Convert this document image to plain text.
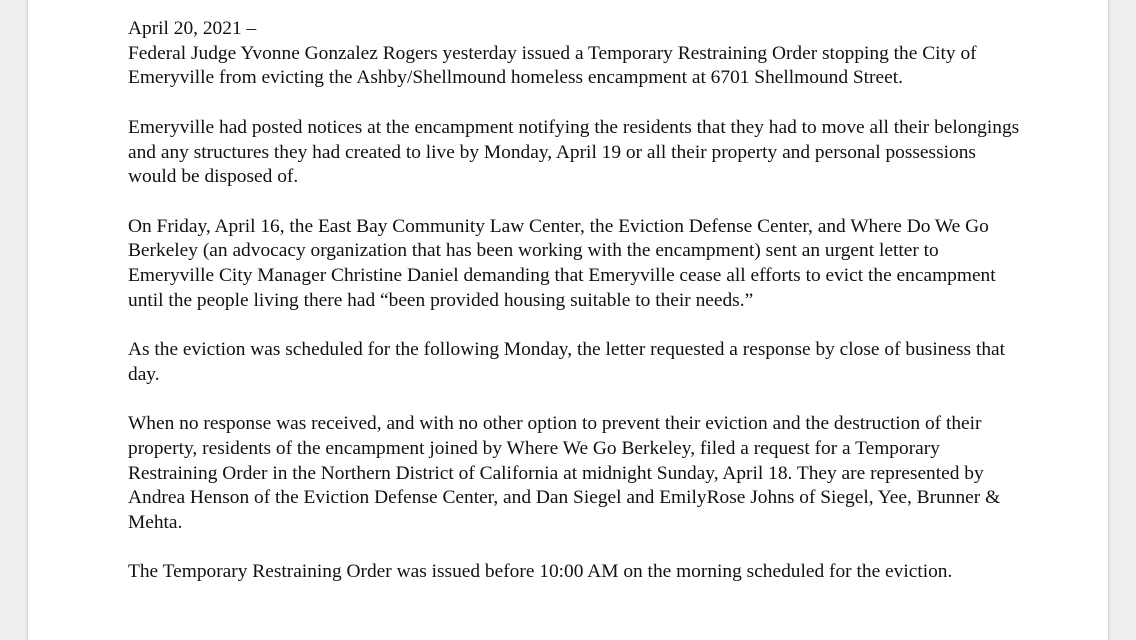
April 20, 2021 –

Federal Judge Yvonne Gonzalez Rogers yesterday issued a Temporary Restraining Order stopping the City of Emeryville from evicting the Ashby/Shellmound homeless encampment at 6701 Shellmound Street.

Emeryville had posted notices at the encampment notifying the residents that they had to move all their belongings and any structures they had created to live by Monday, April 19 or all their property and personal possessions would be disposed of.

On Friday, April 16, the East Bay Community Law Center, the Eviction Defense Center, and Where Do We Go Berkeley (an advocacy organization that has been working with the encampment) sent an urgent letter to Emeryville City Manager Christine Daniel demanding that Emeryville cease all efforts to evict the encampment until the people living there had “been provided housing suitable to their needs.”

As the eviction was scheduled for the following Monday, the letter requested a response by close of business that day.

When no response was received, and with no other option to prevent their eviction and the destruction of their property, residents of the encampment joined by Where We Go Berkeley, filed a request for a Temporary Restraining Order in the Northern District of California at midnight Sunday, April 18. They are represented by Andrea Henson of the Eviction Defense Center, and Dan Siegel and EmilyRose Johns of Siegel, Yee, Brunner & Mehta.

The Temporary Restraining Order was issued before 10:00 AM on the morning scheduled for the eviction.
